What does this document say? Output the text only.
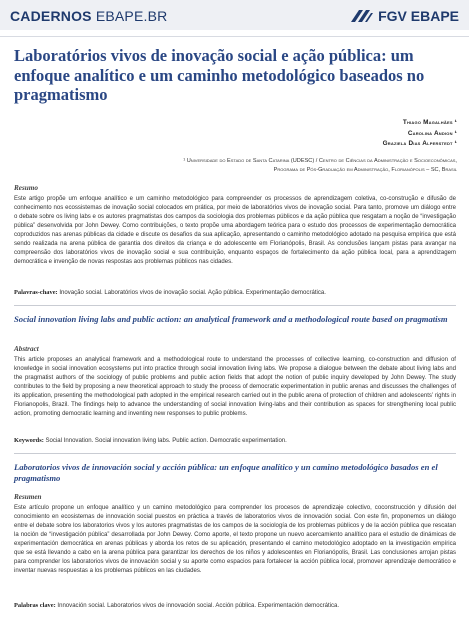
CADERNOS EBAPE.BR	FGV EBAPE
Laboratórios vivos de inovação social e ação pública: um enfoque analítico e um caminho metodológico baseados no pragmatismo
Thiago Magalhães ¹
Carolina Andion ¹
Graziela Dias Alperstedt ¹
¹ Universidade do Estado de Santa Catarina (UDESC) / Centro de Ciências da Administração e Socioeconômicas,
Programa de Pós-Graduação em Administração, Florianópolis – SC, Brasil
Resumo

Este artigo propõe um enfoque analítico e um caminho metodológico para compreender os processos de aprendizagem coletiva, co-construção e difusão de conhecimento nos ecossistemas de inovação social colocados em prática, por meio de laboratórios vivos de inovação social. Para tanto, promove um diálogo entre o debate sobre os living labs e os autores pragmatistas dos campos da sociologia dos problemas públicos e da ação pública que resgatam a noção de “investigação pública” desenvolvida por John Dewey. Como contribuições, o texto propõe uma abordagem teórica para o estudo dos processos de experimentação democrática coproduzidos nas arenas públicas da cidade e discute os desafios da sua aplicação, apresentando o caminho metodológico adotado na pesquisa empírica que está sendo realizada na arena pública de garantia dos direitos da criança e do adolescente em Florianópolis, Brasil. As conclusões lançam pistas para avançar na compreensão dos laboratórios vivos de inovação social e sua contribuição, enquanto espaços de fortalecimento da ação pública local, para a aprendizagem democrática e invenção de novas respostas aos problemas públicos nas cidades.

Palavras-chave: Inovação social. Laboratórios vivos de inovação social. Ação pública. Experimentação democrática.
Social innovation living labs and public action: an analytical framework and a methodological route based on pragmatism
Abstract

This article proposes an analytical framework and a methodological route to understand the processes of collective learning, co-construction and diffusion of knowledge in social innovation ecosystems put into practice through social innovation living labs. We propose a dialogue between the debate about living labs and the pragmatist authors of the sociology of public problems and public action fields that adopt the notion of public inquiry developed by John Dewey. The study contributes to the field by proposing a new theoretical approach to study the process of democratic experimentation in public arenas and discusses the challenges of its application, presenting the methodological path adopted in the empirical research carried out in the public arena of protection of children and adolescents’ rights in Florianopolis, Brazil. The findings help to advance the understanding of social innovation living-labs and their contribution as spaces for strengthening local public action, promoting democratic learning and inventing new responses to public problems.

Keywords: Social Innovation. Social innovation living labs. Public action. Democratic experimentation.
Laboratorios vivos de innovación social y acción pública: un enfoque analítico y un camino metodológico basados en el pragmatismo
Resumen

Este artículo propone un enfoque analítico y un camino metodológico para comprender los procesos de aprendizaje colectivo, coconstrucción y difusión del conocimiento en ecosistemas de innovación social puestos en práctica a través de laboratorios vivos de innovación social. Con este fin, proponemos un diálogo entre el debate sobre los laboratorios vivos y los autores pragmatistas de los campos de la sociología de los problemas públicos y de la acción pública que rescatan la noción de “investigación pública” desarrollada por John Dewey. Como aporte, el texto propone un nuevo acercamiento analítico para el estudio de dinámicas de experimentación democrática en arenas públicas y aborda los retos de su aplicación, presentando el camino metodológico adoptado en la investigación empírica que se está llevando a cabo en la arena pública para garantizar los derechos de los niños y adolescentes en Florianópolis, Brasil. Las conclusiones arrojan pistas para comprender los laboratorios vivos de innovación social y su aporte como espacios para fortalecer la acción pública local, promover aprendizaje democrático e inventar nuevas respuestas a los problemas públicos en las ciudades.

Palabras clave: Innovación social. Laboratorios vivos de innovación social. Acción pública. Experimentación democrática.
